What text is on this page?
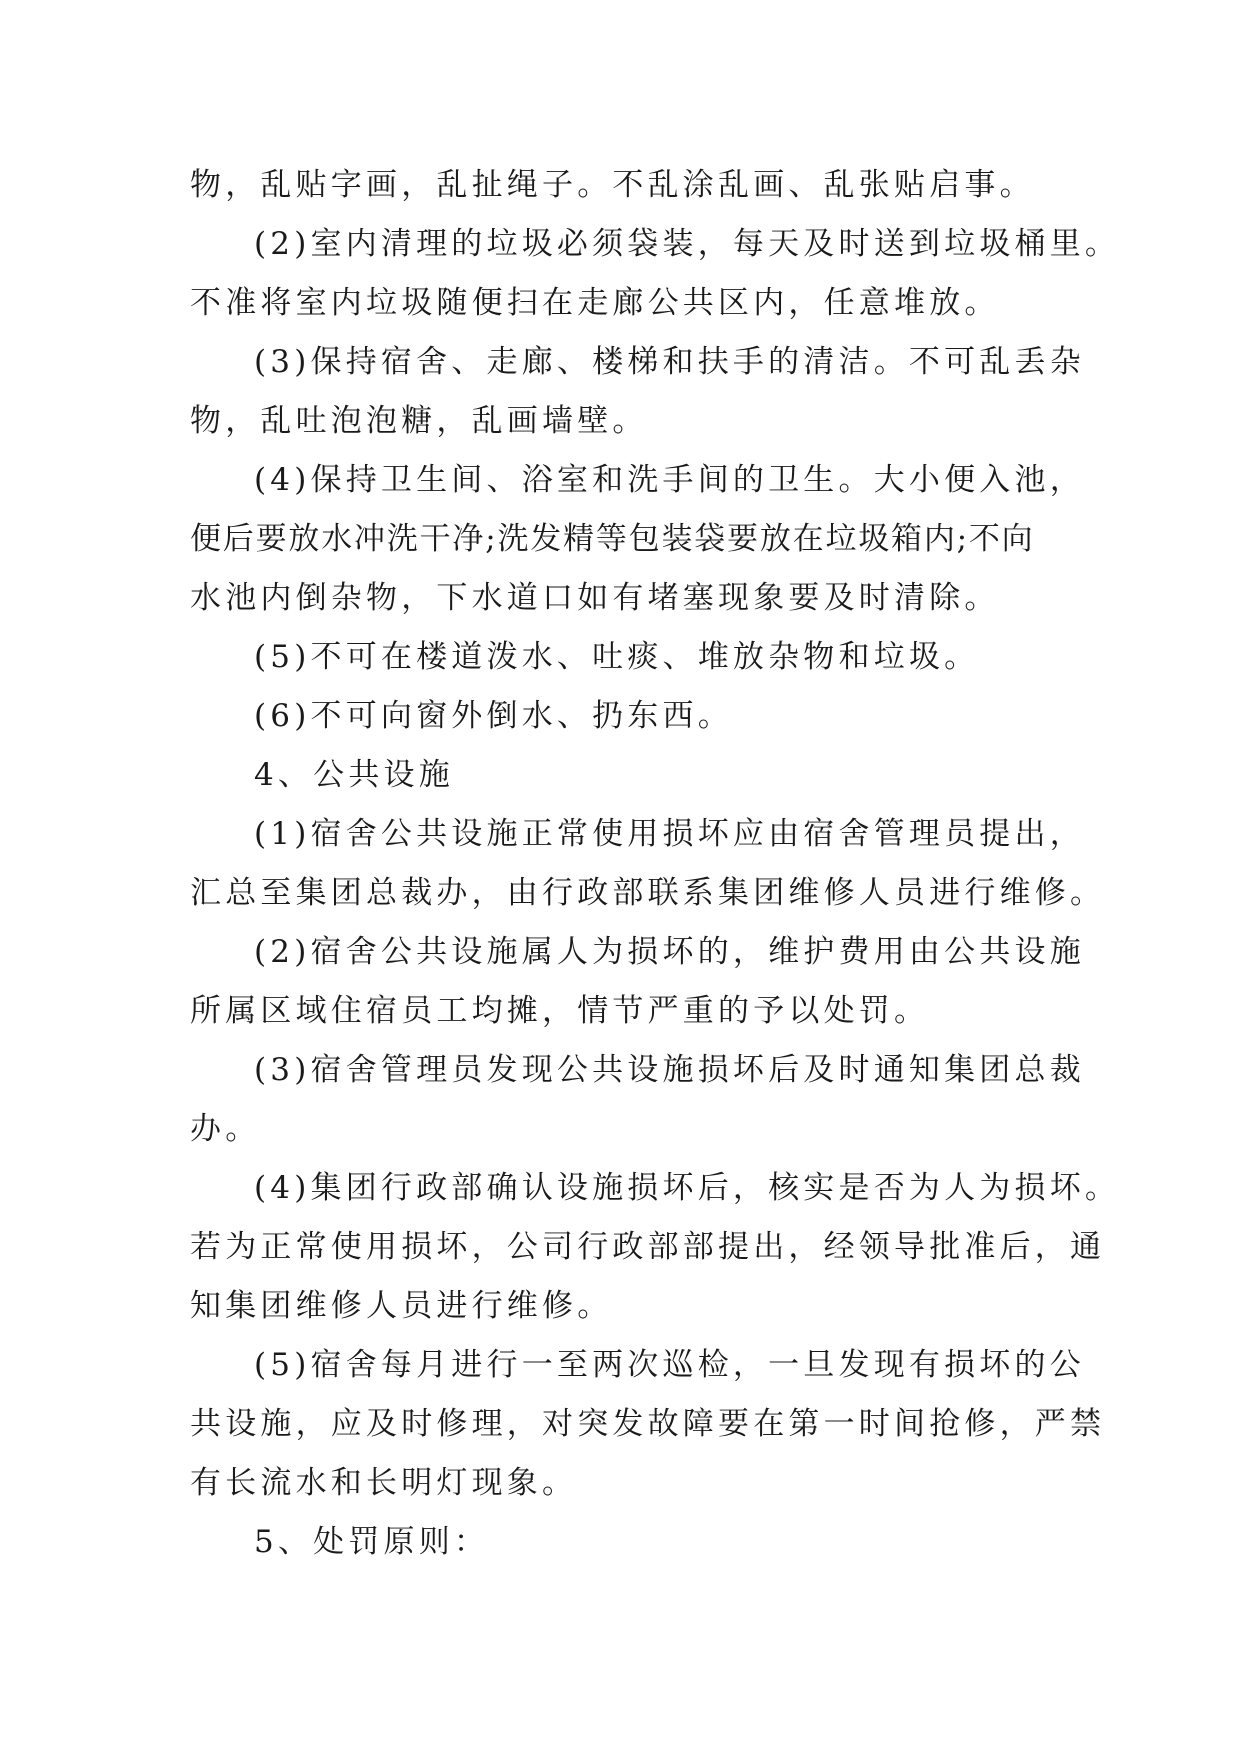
物，乱贴字画，乱扯绳子。不乱涂乱画、乱张贴启事。
(2)室内清理的垃圾必须袋装，每天及时送到垃圾桶里。
不准将室内垃圾随便扫在走廊公共区内，任意堆放。
(3)保持宿舍、走廊、楼梯和扶手的清洁。不可乱丢杂
物，乱吐泡泡糖，乱画墙壁。
(4)保持卫生间、浴室和洗手间的卫生。大小便入池，
便后要放水冲洗干净;洗发精等包装袋要放在垃圾箱内;不向
水池内倒杂物，下水道口如有堵塞现象要及时清除。
(5)不可在楼道泼水、吐痰、堆放杂物和垃圾。
(6)不可向窗外倒水、扔东西。
4、公共设施
(1)宿舍公共设施正常使用损坏应由宿舍管理员提出，
汇总至集团总裁办，由行政部联系集团维修人员进行维修。
(2)宿舍公共设施属人为损坏的，维护费用由公共设施
所属区域住宿员工均摊，情节严重的予以处罚。
(3)宿舍管理员发现公共设施损坏后及时通知集团总裁
办。
(4)集团行政部确认设施损坏后，核实是否为人为损坏。
若为正常使用损坏，公司行政部部提出，经领导批准后，通
知集团维修人员进行维修。
(5)宿舍每月进行一至两次巡检，一旦发现有损坏的公
共设施，应及时修理，对突发故障要在第一时间抢修，严禁
有长流水和长明灯现象。
5、处罚原则：
